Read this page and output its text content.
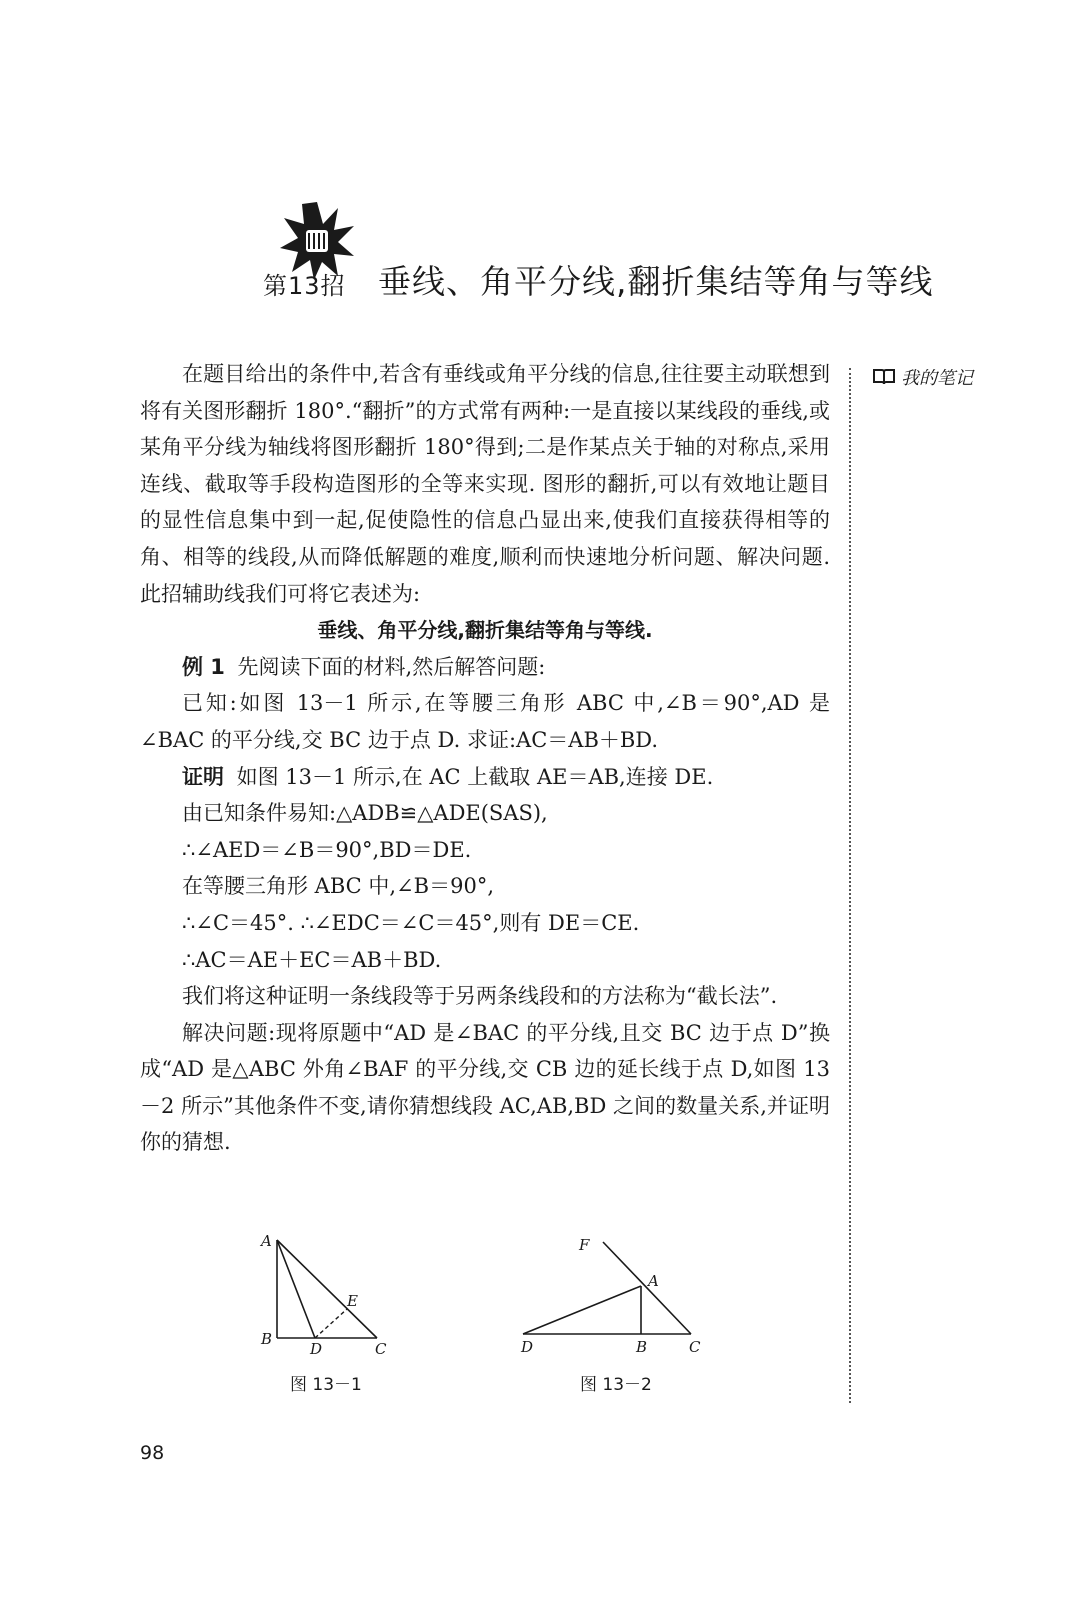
第13招 垂线、角平分线,翻折集结等角与等线
我的笔记

在题目给出的条件中,若含有垂线或角平分线的信息,往往要主动联想到将有关图形翻折 180°.“翻折”的方式常有两种:一是直接以某线段的垂线,或某角平分线为轴线将图形翻折 180°得到;二是作某点关于轴的对称点,采用连线、截取等手段构造图形的全等来实现. 图形的翻折,可以有效地让题目的显性信息集中到一起,促使隐性的信息凸显出来,使我们直接获得相等的角、相等的线段,从而降低解题的难度,顺利而快速地分析问题、解决问题. 此招辅助线我们可将它表述为:

垂线、角平分线,翻折集结等角与等线.

例 1 先阅读下面的材料,然后解答问题:

已知:如图 13－1 所示,在等腰三角形 ABC 中,∠B＝90°,AD 是∠BAC 的平分线,交 BC 边于点 D. 求证:AC＝AB＋BD.

证明 如图 13－1 所示,在 AC 上截取 AE＝AB,连接 DE.

由已知条件易知:△ADB≌△ADE(SAS),

∴∠AED＝∠B＝90°,BD＝DE.

在等腰三角形 ABC 中,∠B＝90°,

∴∠C＝45°. ∴∠EDC＝∠C＝45°,则有 DE＝CE.

∴AC＝AE＋EC＝AB＋BD.

我们将这种证明一条线段等于另两条线段和的方法称为“截长法”.

解决问题:现将原题中“AD 是∠BAC 的平分线,且交 BC 边于点 D”换成“AD 是△ABC 外角∠BAF 的平分线,交 CB 边的延长线于点 D,如图 13－2 所示”其他条件不变,请你猜想线段 AC,AB,BD 之间的数量关系,并证明你的猜想.

A
B
C
D
E
图 13－1
F
A
B	C
D
图 13－2
98
